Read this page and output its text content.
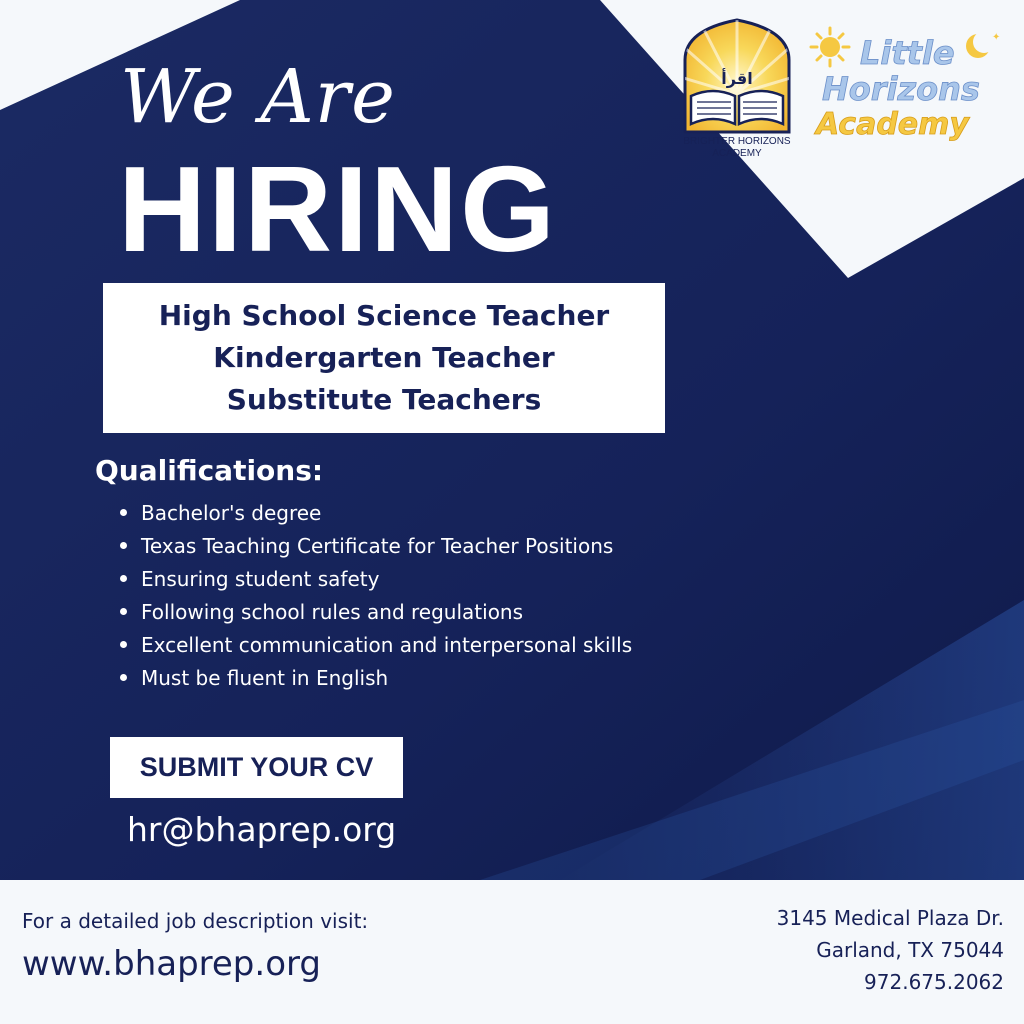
We Are
HIRING
High School Science Teacher
Kindergarten Teacher
Substitute Teachers
Qualifications:
Bachelor's degree
Texas Teaching Certificate for Teacher Positions
Ensuring student safety
Following school rules and regulations
Excellent communication and interpersonal skills
Must be fluent in English
SUBMIT YOUR CV
hr@bhaprep.org
For a detailed job description visit:
www.bhaprep.org
3145 Medical Plaza Dr.
Garland, TX 75044
972.675.2062
اقرأ
BRIGHTER HORIZONS
ACADEMY
✦
Little
Horizons
Academy
